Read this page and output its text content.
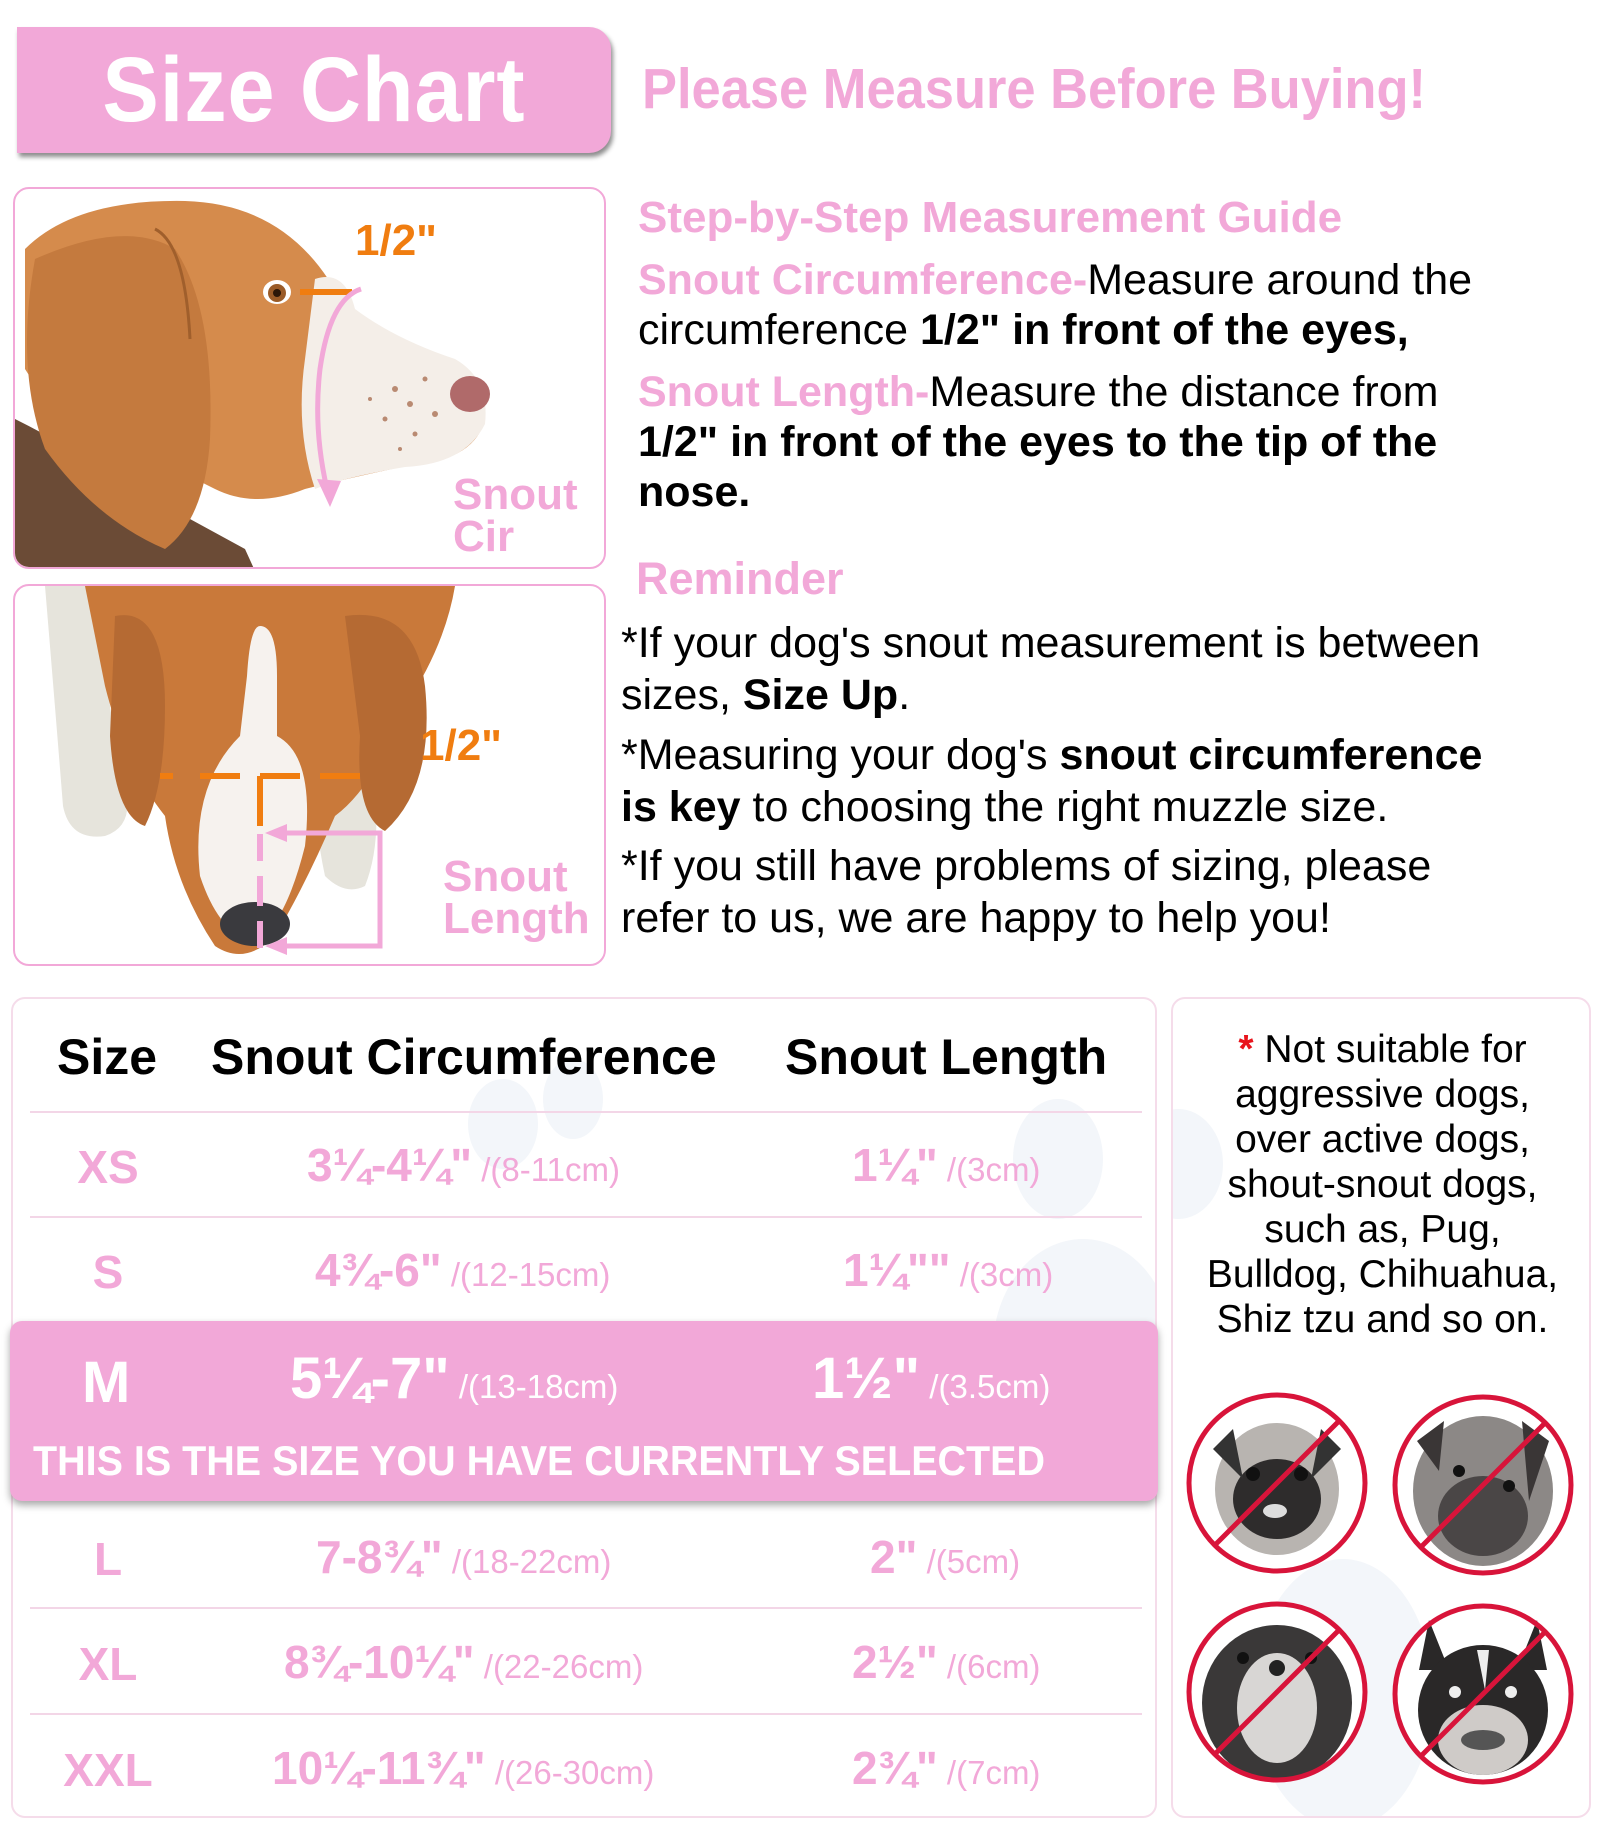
Size Chart Please Measure Before Buying!
1/2"
Snout
Cir
1/2"
Snout
Length
Step-by-Step Measurement Guide
Snout Circumference-Measure around the
circumference 1/2" in front of the eyes,
Snout Length-Measure the distance from
1/2" in front of the eyes to the tip of the
nose.
Reminder
*If your dog's snout measurement is between
sizes, Size Up.
*Measuring your dog's snout circumference
is key to choosing the right muzzle size.
*If you still have problems of sizing, please
refer to us, we are happy to help you!
Size Snout Circumference Snout Length
XS	3¼-4¼" /(8-11cm)	1¼" /(3cm)
S	4¾-6" /(12-15cm)	1¼"" /(3cm)
M	5¼-7" /(13-18cm)	1½" /(3.5cm)
THIS IS THE SIZE YOU HAVE CURRENTLY SELECTED
L	7-8¾" /(18-22cm)	2" /(5cm)
XL	8¾-10¼" /(22-26cm)	2½" /(6cm)
XXL	10¼-11¾" /(26-30cm)	2¾" /(7cm)
* Not suitable for
aggressive dogs,
over active dogs,
shout-snout dogs,
such as, Pug,
Bulldog, Chihuahua,
Shiz tzu and so on.
